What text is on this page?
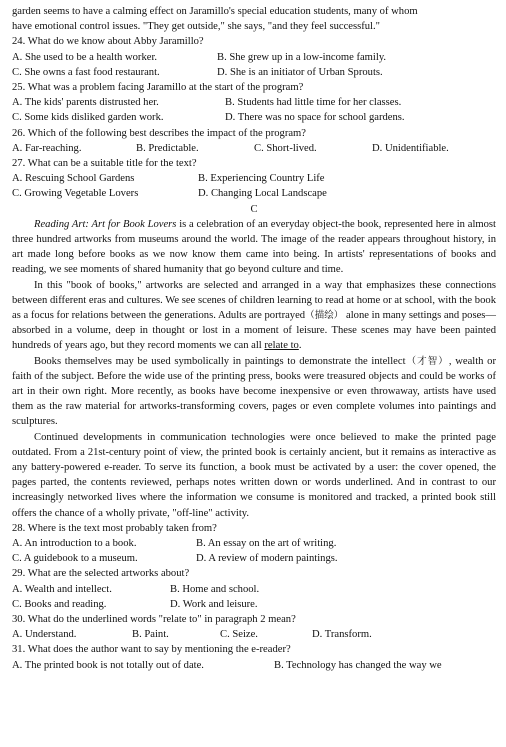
garden seems to have a calming effect on Jaramillo's special education students, many of whom

have emotional control issues. "They get outside," she says, "and they feel successful."

24. What do we know about Abby Jaramillo?

A. She used to be a health worker.	B. She grew up in a low-income family.
C. She owns a fast food restaurant.	D. She is an initiator of Urban Sprouts.

25. What was a problem facing Jaramillo at the start of the program?

A. The kids' parents distrusted her.	B. Students had little time for her classes.
C. Some kids disliked garden work.	D. There was no space for school gardens.

26. Which of the following best describes the impact of the program?

A. Far-reaching.	B. Predictable.	C. Short-lived.	D. Unidentifiable.

27. What can be a suitable title for the text?

A. Rescuing School Gardens	B. Experiencing Country Life
C. Growing Vegetable Lovers	D. Changing Local Landscape

C

Reading Art: Art for Book Lovers is a celebration of an everyday object-the book, represented here in almost three hundred artworks from museums around the world. The image of the reader appears throughout history, in art made long before books as we now know them came into being. In artists' representations of books and reading, we see moments of shared humanity that go beyond culture and time.

In this "book of books," artworks are selected and arranged in a way that emphasizes these connections between different eras and cultures. We see scenes of children learning to read at home or at school, with the book as a focus for relations between the generations. Adults are portrayed（描绘） alone in many settings and poses—absorbed in a volume, deep in thought or lost in a moment of leisure. These scenes may have been painted hundreds of years ago, but they record moments we can all relate to.

Books themselves may be used symbolically in paintings to demonstrate the intellect（才智）, wealth or faith of the subject. Before the wide use of the printing press, books were treasured objects and could be works of art in their own right. More recently, as books have become inexpensive or even throwaway, artists have used them as the raw material for artworks-transforming covers, pages or even complete volumes into paintings and sculptures.

Continued developments in communication technologies were once believed to make the printed page outdated. From a 21st-century point of view, the printed book is certainly ancient, but it remains as interactive as any battery-powered e-reader. To serve its function, a book must be activated by a user: the cover opened, the pages parted, the contents reviewed, perhaps notes written down or words underlined. And in contrast to our increasingly networked lives where the information we consume is monitored and tracked, a printed book still offers the chance of a wholly private, "off-line" activity.

28. Where is the text most probably taken from?

A. An introduction to a book.	B. An essay on the art of writing.
C. A guidebook to a museum.	D. A review of modern paintings.

29. What are the selected artworks about?

A. Wealth and intellect.	B. Home and school.
C. Books and reading.	D. Work and leisure.

30. What do the underlined words "relate to" in paragraph 2 mean?

A. Understand.	B. Paint.	C. Seize.	D. Transform.

31. What does the author want to say by mentioning the e-reader?

A. The printed book is not totally out of date.	B. Technology has changed the way we
